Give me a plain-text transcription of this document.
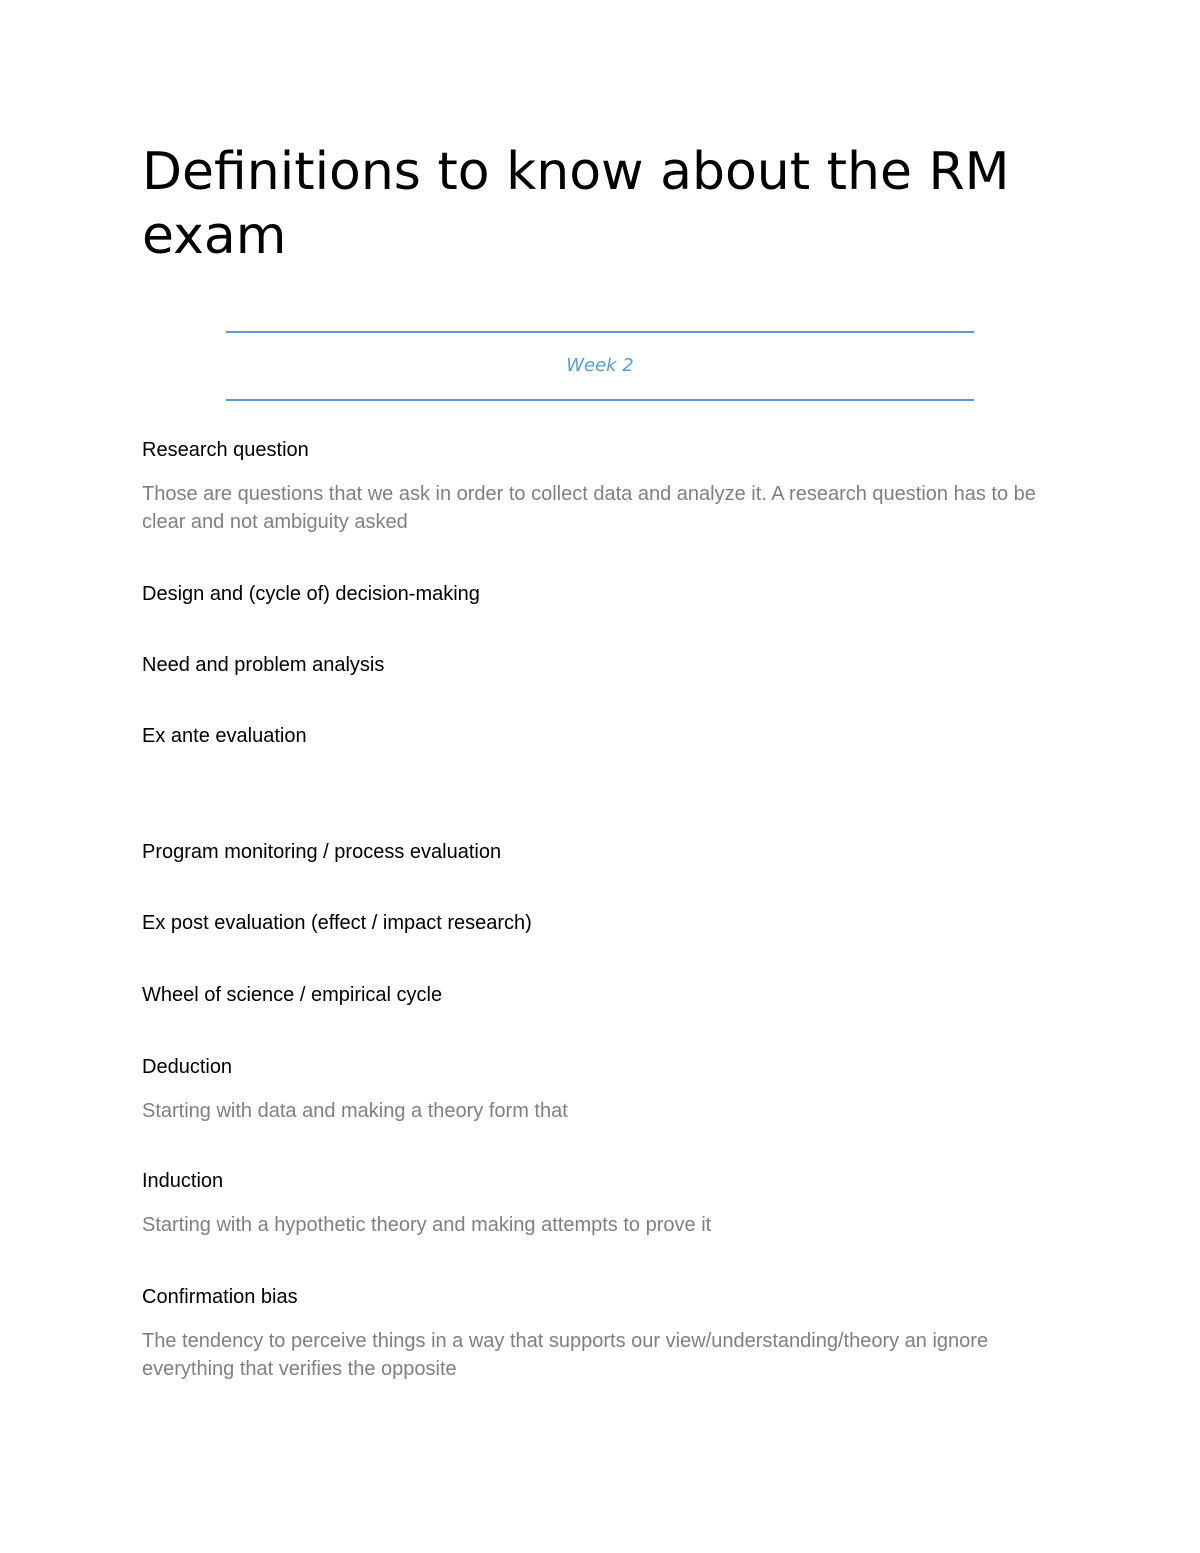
Definitions to know about the RM exam
Week 2
Research question
Those are questions that we ask in order to collect data and analyze it. A research question has to be clear and not ambiguity asked
Design and (cycle of) decision-making
Need and problem analysis
Ex ante evaluation
Program monitoring / process evaluation
Ex post evaluation (effect / impact research)
Wheel of science / empirical cycle
Deduction
Starting with data and making a theory form that
Induction
Starting with a hypothetic theory and making attempts to prove it
Confirmation bias
The tendency to perceive things in a way that supports our view/understanding/theory an ignore everything that verifies the opposite
